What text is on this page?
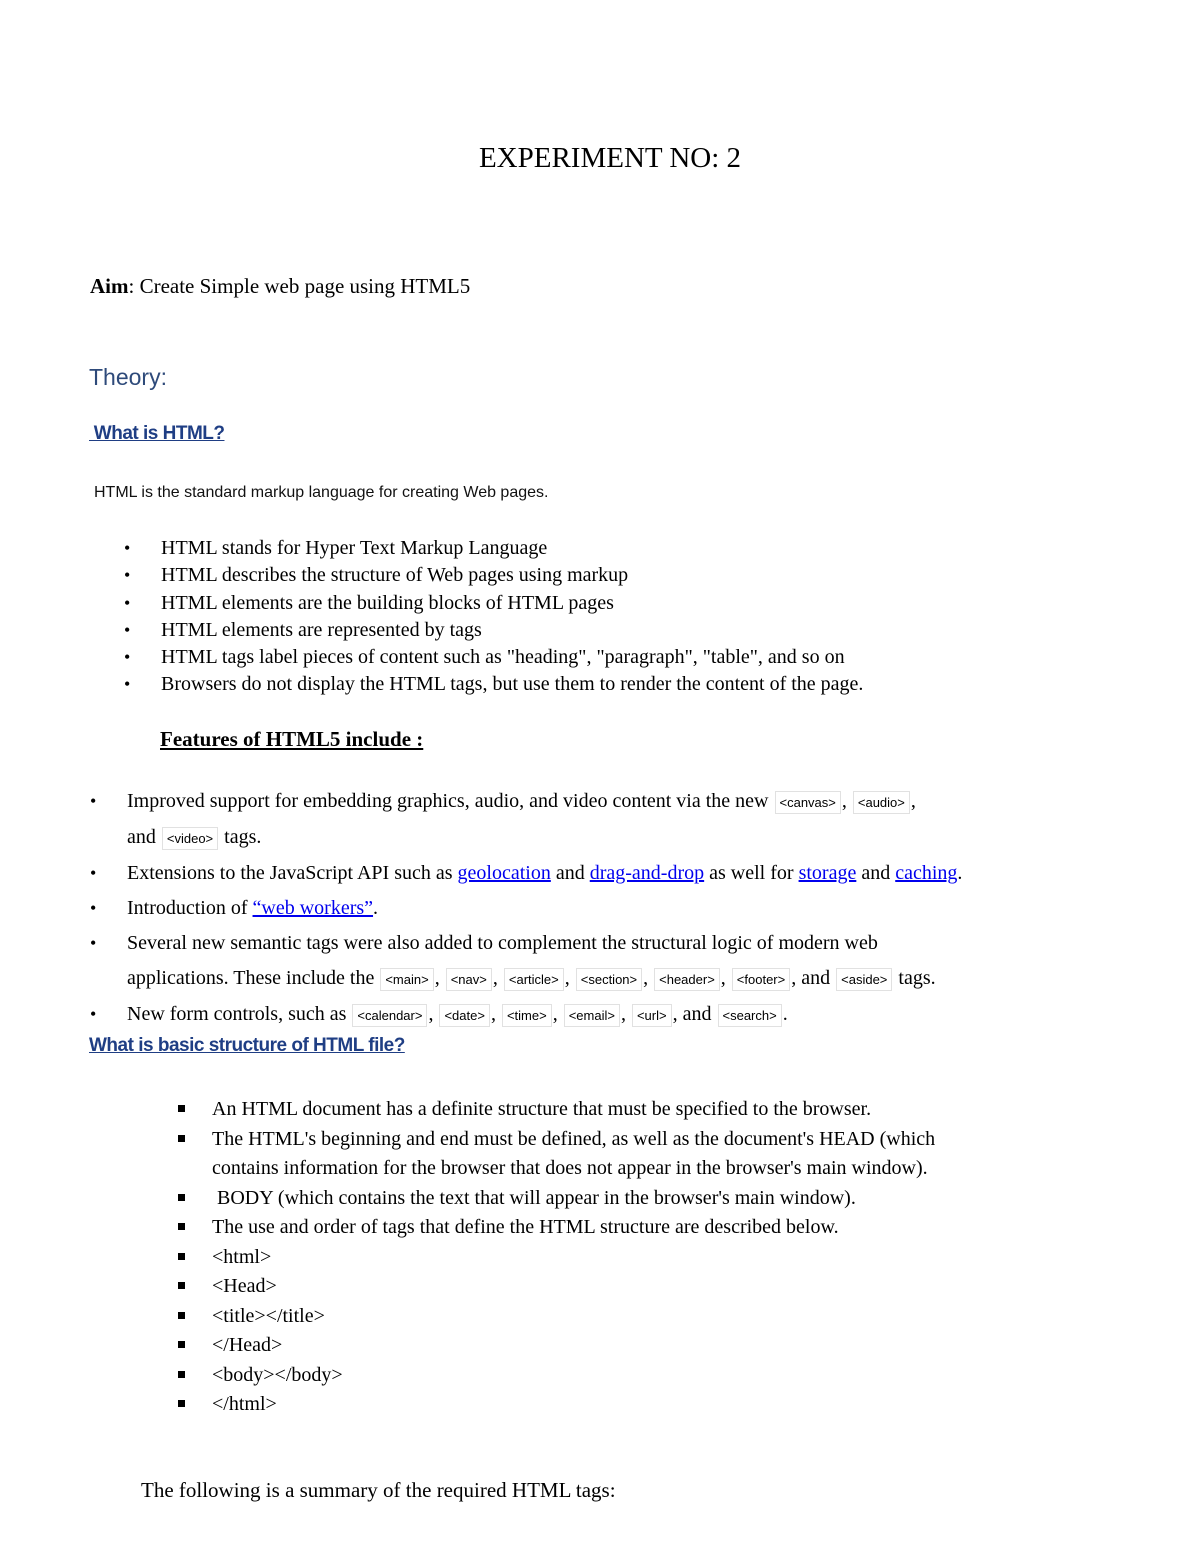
EXPERIMENT NO: 2
Aim: Create Simple web page using HTML5
Theory:
What is HTML?
HTML is the standard markup language for creating Web pages.
• HTML stands for Hyper Text Markup Language
• HTML describes the structure of Web pages using markup
• HTML elements are the building blocks of HTML pages
• HTML elements are represented by tags
• HTML tags label pieces of content such as "heading", "paragraph", "table", and so on
• Browsers do not display the HTML tags, but use them to render the content of the page.
Features of HTML5 include :
• Improved support for embedding graphics, audio, and video content via the new <canvas> , <audio> ,
and <video> tags.
• Extensions to the JavaScript API such as geolocation and drag-and-drop as well for storage and caching.
• Introduction of “web workers”.
• Several new semantic tags were also added to complement the structural logic of modern web
applications. These include the <main> , <nav> , <article> , <section> , <header> , <footer> , and <aside> tags.
• New form controls, such as <calendar> , <date> , <time> , <email> , <url> , and <search> .
What is basic structure of HTML file?
An HTML document has a definite structure that must be specified to the browser.
The HTML's beginning and end must be defined, as well as the document's HEAD (which
contains information for the browser that does not appear in the browser's main window).
BODY (which contains the text that will appear in the browser's main window).
The use and order of tags that define the HTML structure are described below.
<html>
<Head>
<title></title>
</Head>
<body></body>
</html>
The following is a summary of the required HTML tags:
